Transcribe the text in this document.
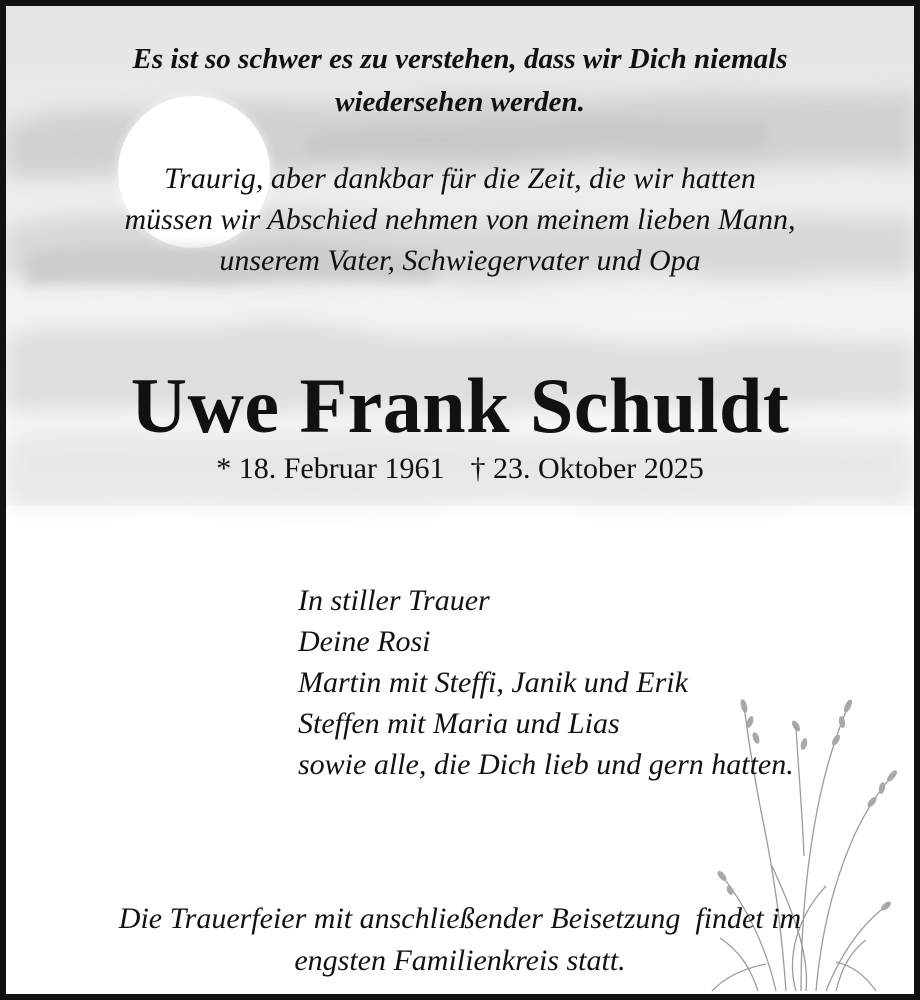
Es ist so schwer es zu verstehen, dass wir Dich niemals
wiedersehen werden.
Traurig, aber dankbar für die Zeit, die wir hatten
müssen wir Abschied nehmen von meinem lieben Mann,
unserem Vater, Schwiegervater und Opa
Uwe Frank Schuldt
* 18. Februar 1961 † 23. Oktober 2025
In stiller Trauer
Deine Rosi
Martin mit Steffi, Janik und Erik
Steffen mit Maria und Lias
sowie alle, die Dich lieb und gern hatten.
Die Trauerfeier mit anschließender Beisetzung  findet im
engsten Familienkreis statt.
